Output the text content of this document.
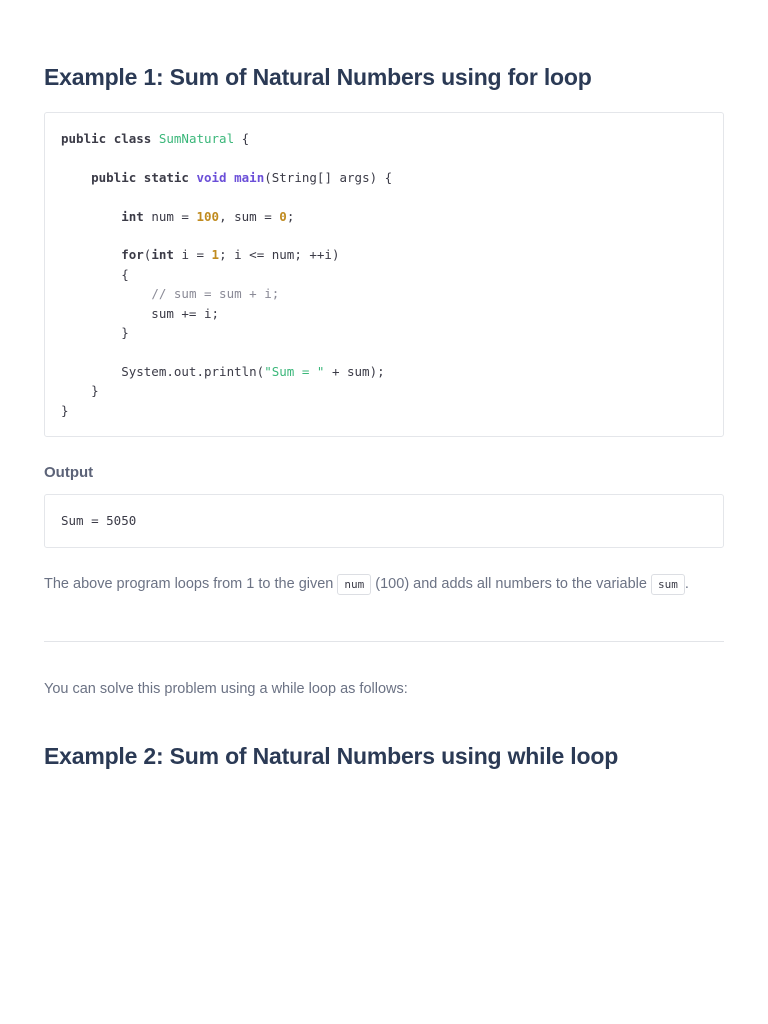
Example 1: Sum of Natural Numbers using for loop
public class SumNatural {

public static void main(String[] args) {

int num = 100, sum = 0;

for(int i = 1; i <= num; ++i)
{
// sum = sum + i;
sum += i;
}

System.out.println("Sum = " + sum);
}
}
Output
Sum = 5050

The above program loops from 1 to the given num (100) and adds all numbers to the variable sum .

You can solve this problem using a while loop as follows:

Example 2: Sum of Natural Numbers using while loop
